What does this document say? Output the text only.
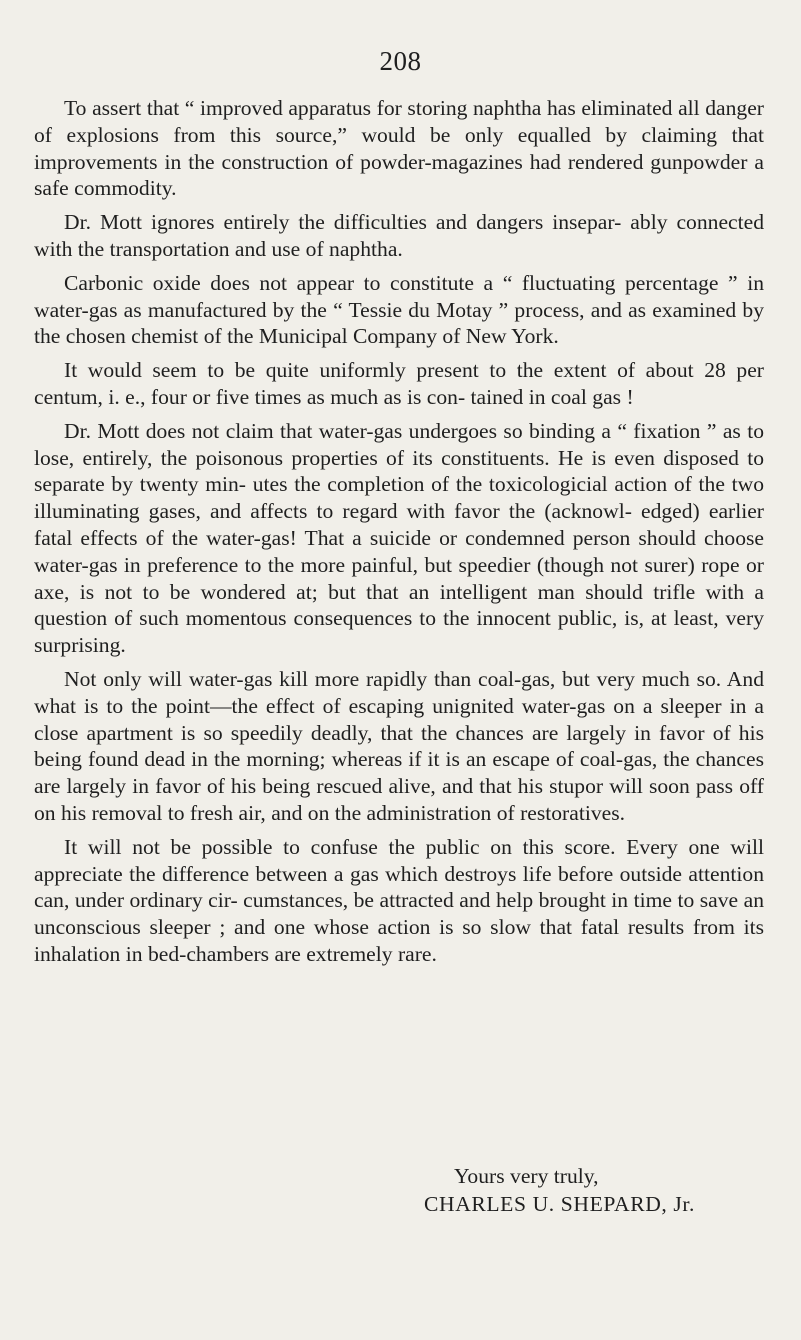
208

To assert that “ improved apparatus for storing naphtha has eliminated all danger of explosions from this source,” would be only equalled by claiming that improvements in the construction of powder-magazines had rendered gunpowder a safe commodity.

Dr. Mott ignores entirely the difficulties and dangers insepar- ably connected with the transportation and use of naphtha.

Carbonic oxide does not appear to constitute a “ fluctuating percentage ” in water-gas as manufactured by the “ Tessie du Motay ” process, and as examined by the chosen chemist of the Municipal Company of New York.

It would seem to be quite uniformly present to the extent of about 28 per centum, i. e., four or five times as much as is con- tained in coal gas !

Dr. Mott does not claim that water-gas undergoes so binding a “ fixation ” as to lose, entirely, the poisonous properties of its constituents. He is even disposed to separate by twenty min- utes the completion of the toxicologicial action of the two illuminating gases, and affects to regard with favor the (acknowl- edged) earlier fatal effects of the water-gas! That a suicide or condemned person should choose water-gas in preference to the more painful, but speedier (though not surer) rope or axe, is not to be wondered at; but that an intelligent man should trifle with a question of such momentous consequences to the innocent public, is, at least, very surprising.

Not only will water-gas kill more rapidly than coal-gas, but very much so. And what is to the point—the effect of escaping unignited water-gas on a sleeper in a close apartment is so speedily deadly, that the chances are largely in favor of his being found dead in the morning; whereas if it is an escape of coal-gas, the chances are largely in favor of his being rescued alive, and that his stupor will soon pass off on his removal to fresh air, and on the administration of restoratives.

It will not be possible to confuse the public on this score. Every one will appreciate the difference between a gas which destroys life before outside attention can, under ordinary cir- cumstances, be attracted and help brought in time to save an unconscious sleeper ; and one whose action is so slow that fatal results from its inhalation in bed-chambers are extremely rare.

Yours very truly,
CHARLES U. SHEPARD, Jr.
